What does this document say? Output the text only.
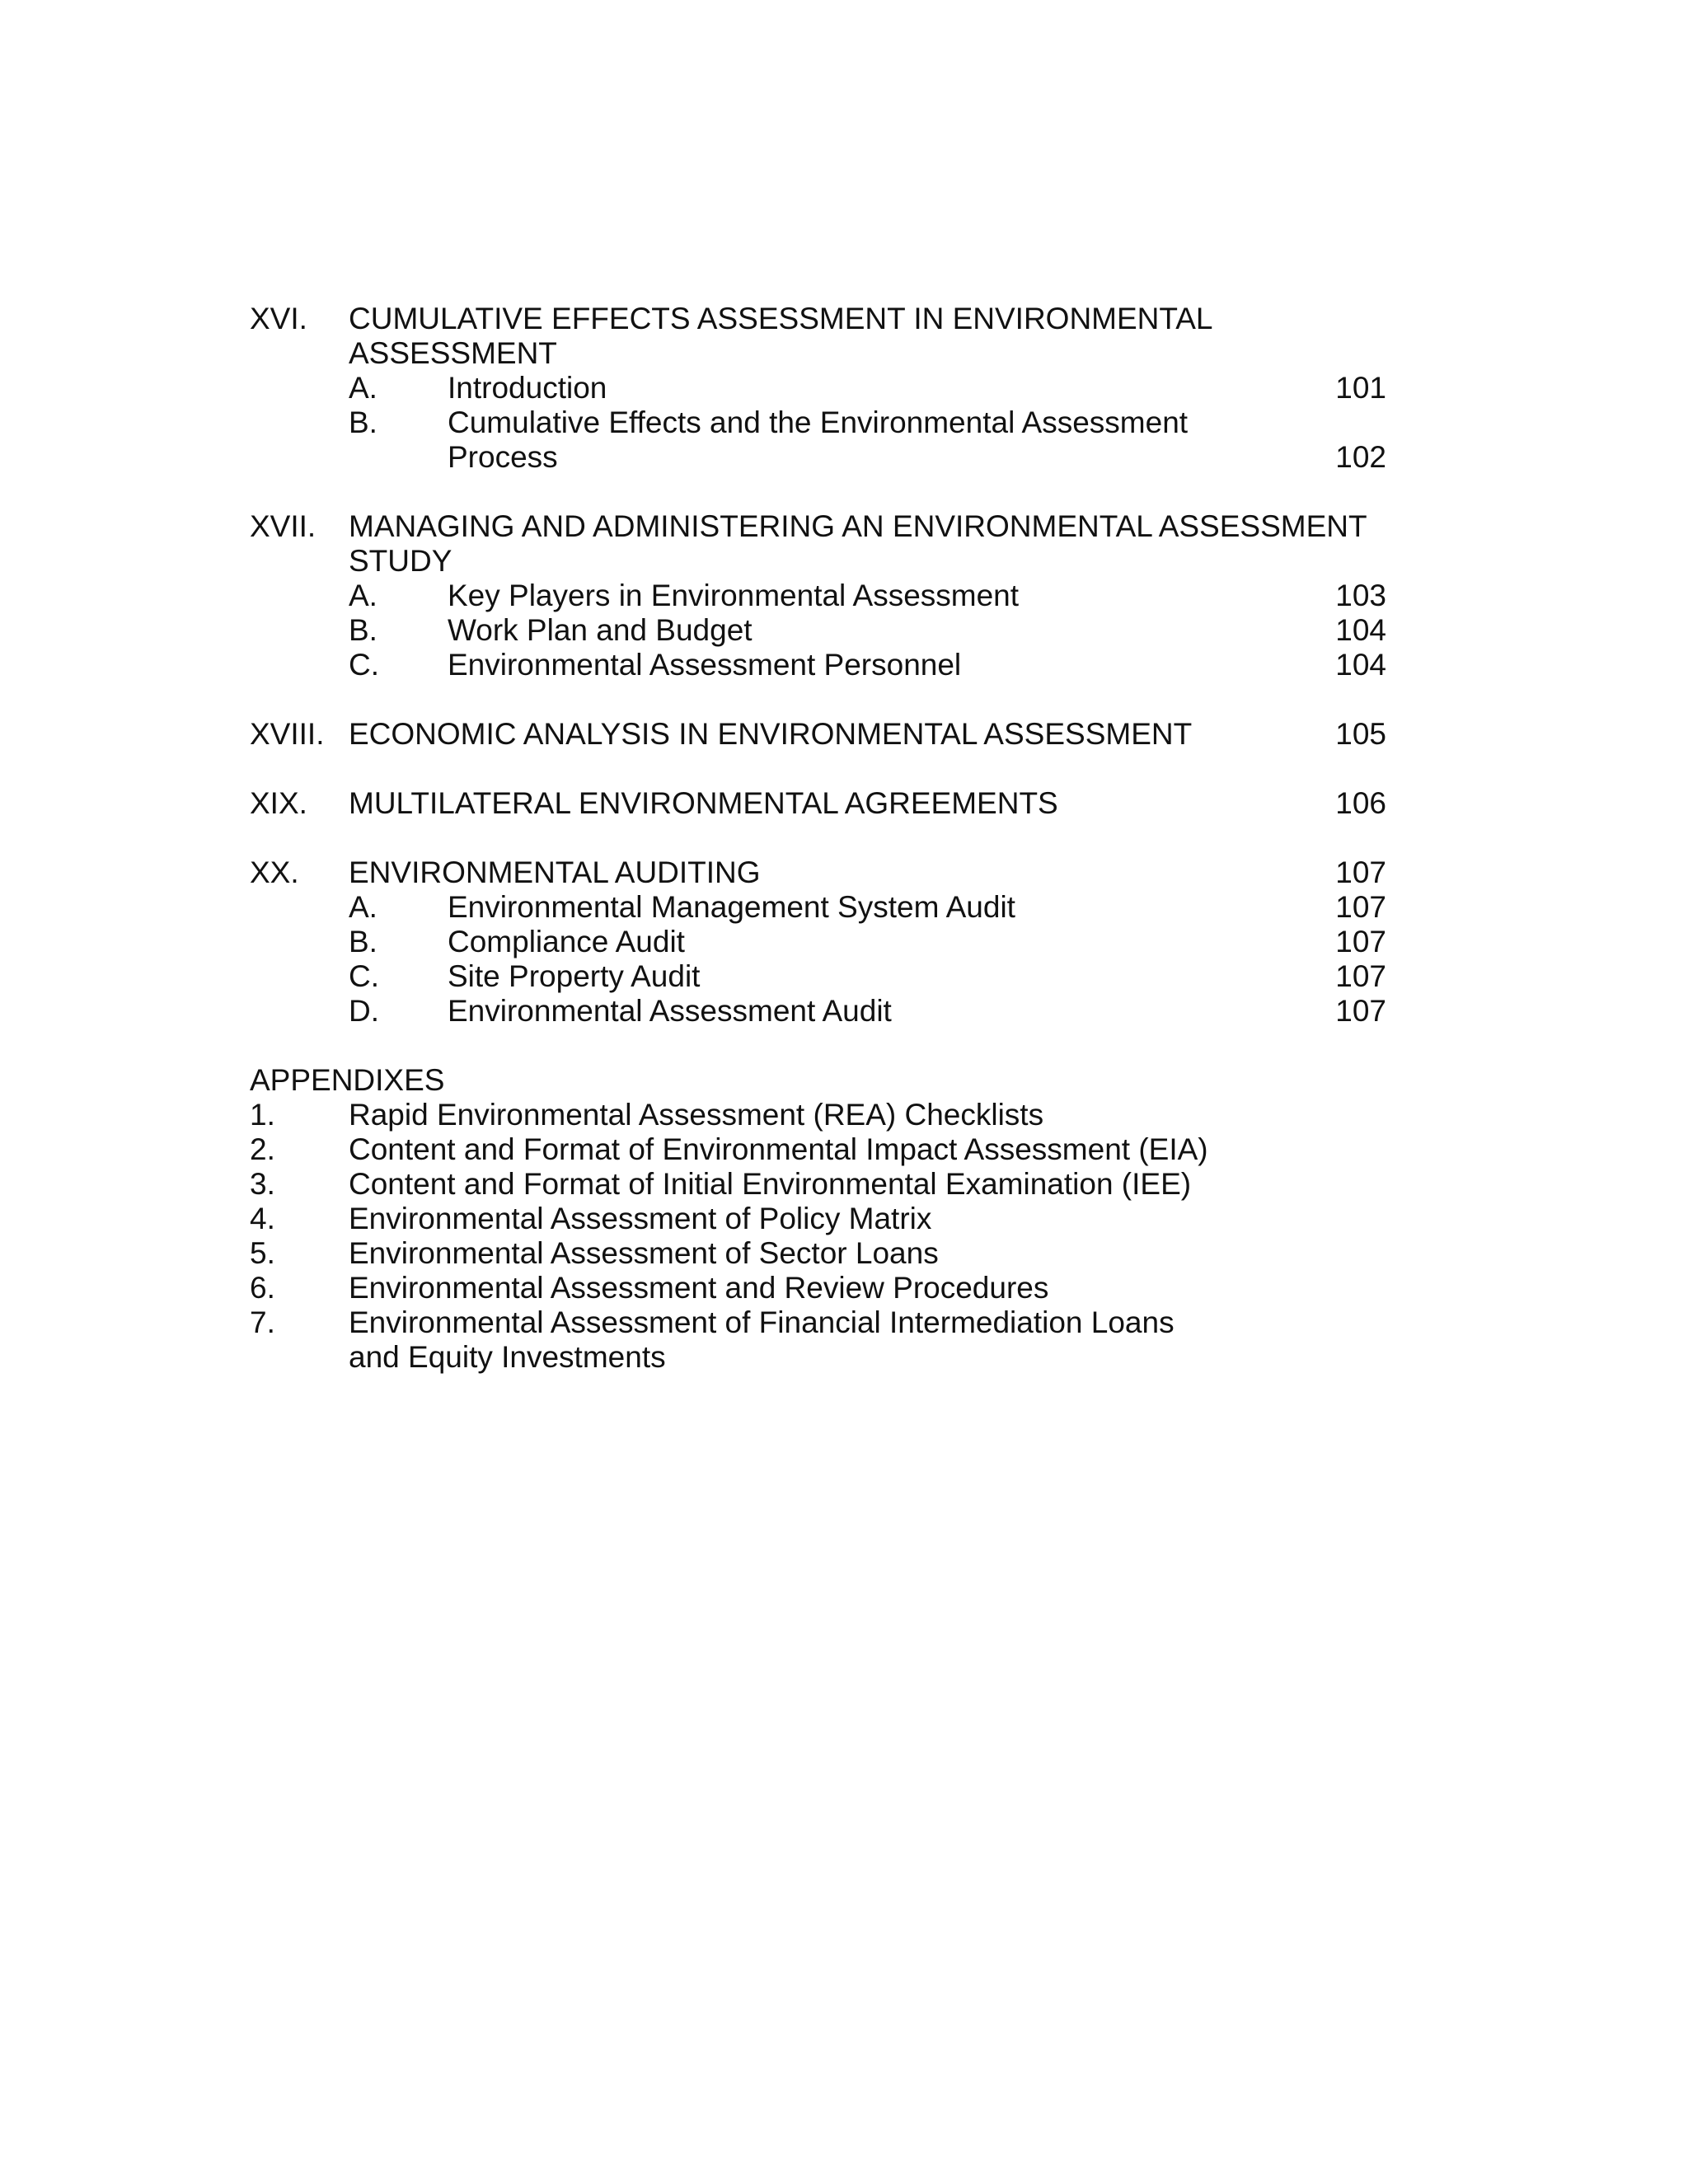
XVI. CUMULATIVE EFFECTS ASSESSMENT IN ENVIRONMENTAL
ASSESSMENT
A. Introduction	101
B. Cumulative Effects and the Environmental Assessment
Process	102
XVII. MANAGING AND ADMINISTERING AN ENVIRONMENTAL ASSESSMENT
STUDY
A. Key Players in Environmental Assessment	103
B. Work Plan and Budget	104
C. Environmental Assessment Personnel	104
XVIII. ECONOMIC ANALYSIS IN ENVIRONMENTAL ASSESSMENT	105
XIX. MULTILATERAL ENVIRONMENTAL AGREEMENTS	106
XX. ENVIRONMENTAL AUDITING	107
A. Environmental Management System Audit	107
B. Compliance Audit	107
C. Site Property Audit	107
D. Environmental Assessment Audit	107
APPENDIXES
1. Rapid Environmental Assessment (REA) Checklists
2. Content and Format of Environmental Impact Assessment (EIA)
3. Content and Format of Initial Environmental Examination (IEE)
4. Environmental Assessment of Policy Matrix
5. Environmental Assessment of Sector Loans
6. Environmental Assessment and Review Procedures
7. Environmental Assessment of Financial Intermediation Loans
and Equity Investments
